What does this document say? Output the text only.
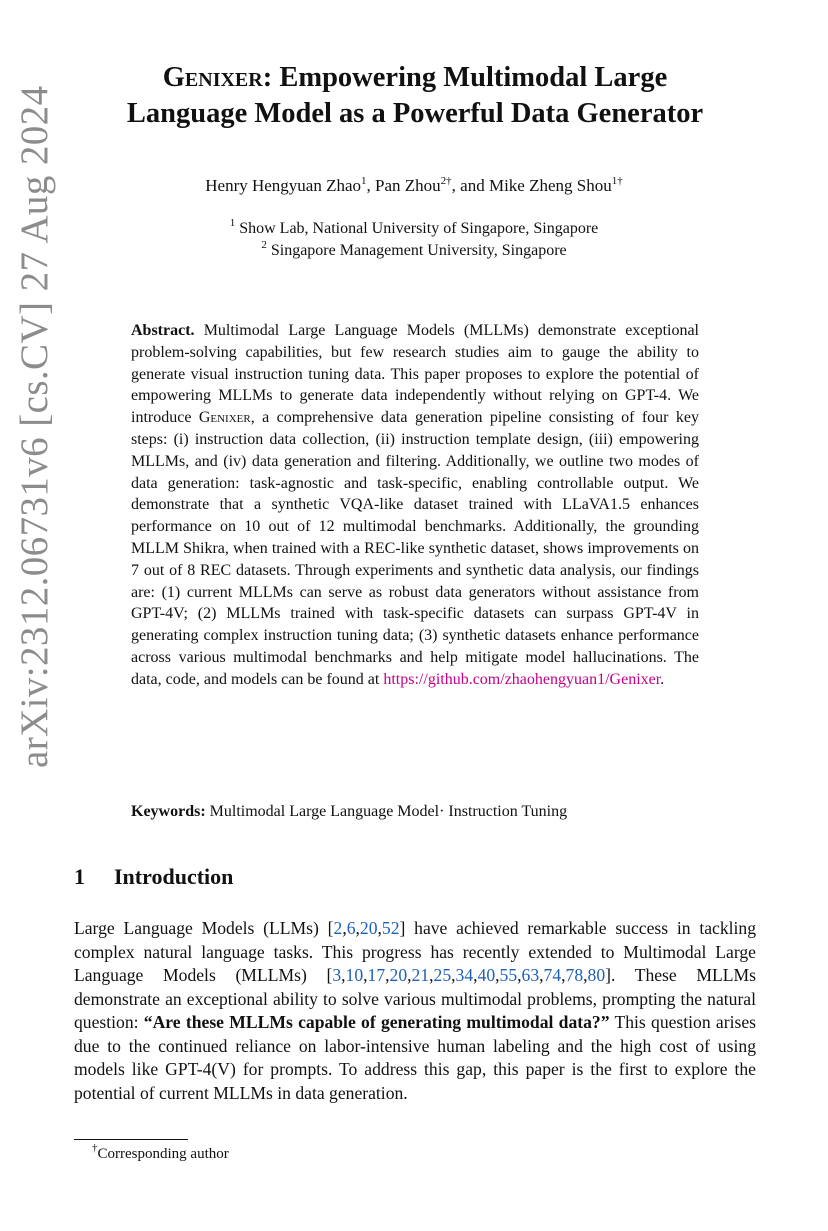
arXiv:2312.06731v6 [cs.CV] 27 Aug 2024
Genixer: Empowering Multimodal Large
Language Model as a Powerful Data Generator
Henry Hengyuan Zhao$^1$, Pan Zhou$^{2\dagger}$, and Mike Zheng Shou$^{1\dagger}$
$^1$ Show Lab, National University of Singapore, Singapore
$^2$ Singapore Management University, Singapore

Abstract. Multimodal Large Language Models (MLLMs) demonstrate exceptional problem-solving capabilities, but few research studies aim to gauge the ability to generate visual instruction tuning data. This paper proposes to explore the potential of empowering MLLMs to generate data independently without relying on GPT-4. We introduce Genixer, a comprehensive data generation pipeline consisting of four key steps: (i) instruction data collection, (ii) instruction template design, (iii) empowering MLLMs, and (iv) data generation and filtering. Additionally, we outline two modes of data generation: task-agnostic and task-specific, enabling controllable output. We demonstrate that a synthetic VQA-like dataset trained with LLaVA1.5 enhances performance on 10 out of 12 multimodal benchmarks. Additionally, the grounding MLLM Shikra, when trained with a REC-like synthetic dataset, shows improvements on 7 out of 8 REC datasets. Through experiments and synthetic data analysis, our findings are: (1) current MLLMs can serve as robust data generators without assistance from GPT-4V; (2) MLLMs trained with task-specific datasets can surpass GPT-4V in generating complex instruction tuning data; (3) synthetic datasets enhance performance across various multimodal benchmarks and help mitigate model hallucinations. The data, code, and models can be found at https://github.com/zhaohengyuan1/Genixer.

Keywords: Multimodal Large Language Model· Instruction Tuning
1 Introduction

Large Language Models (LLMs) [2,6,20,52] have achieved remarkable success in tackling complex natural language tasks. This progress has recently extended to Multimodal Large Language Models (MLLMs) [3,10,17,20,21,25,34,40,55,63,74,78,80]. These MLLMs demonstrate an exceptional ability to solve various multimodal problems, prompting the natural question: “Are these MLLMs capable of generating multimodal data?” This question arises due to the continued reliance on labor-intensive human labeling and the high cost of using models like GPT-4(V) for prompts. To address this gap, this paper is the first to explore the potential of current MLLMs in data generation.

†Corresponding author
